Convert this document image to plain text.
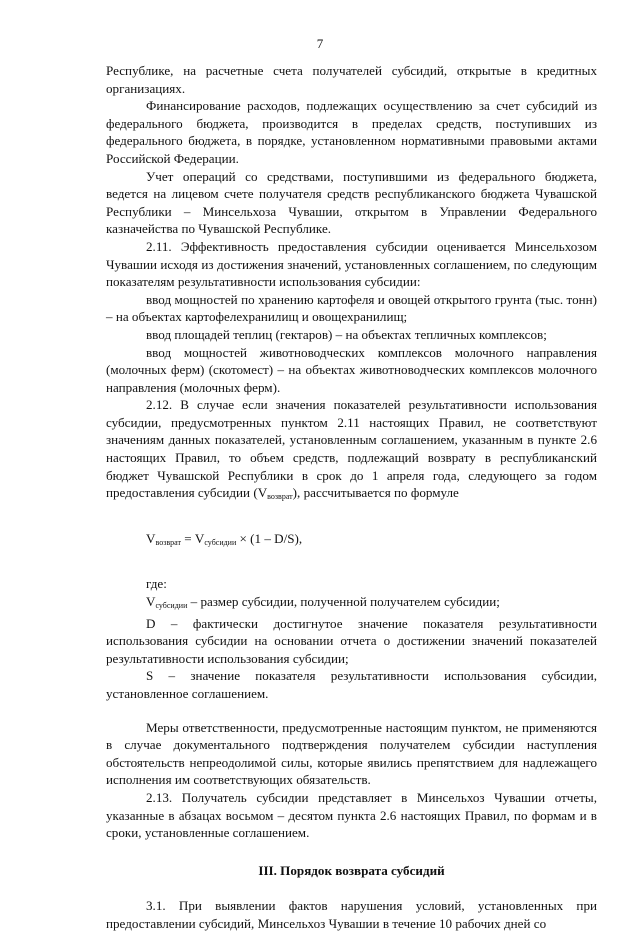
7

Республике, на расчетные счета получателей субсидий, открытые в кредитных организациях.

Финансирование расходов, подлежащих осуществлению за счет субсидий из федерального бюджета, производится в пределах средств, поступивших из федерального бюджета, в порядке, установленном нормативными правовыми актами Российской Федерации.

Учет операций со средствами, поступившими из федерального бюджета, ведется на лицевом счете получателя средств республиканского бюджета Чувашской Республики – Минсельхоза Чувашии, открытом в Управлении Федерального казначейства по Чувашской Республике.

2.11. Эффективность предоставления субсидии оценивается Минсельхозом Чувашии исходя из достижения значений, установленных соглашением, по следующим показателям результативности использования субсидии:

ввод мощностей по хранению картофеля и овощей открытого грунта (тыс. тонн) – на объектах картофелехранилищ и овощехранилищ;

ввод площадей теплиц (гектаров) – на объектах тепличных комплексов;

ввод мощностей животноводческих комплексов молочного направления (молочных ферм) (скотомест) – на объектах животноводческих комплексов молочного направления (молочных ферм).

2.12. В случае если значения показателей результативности использования субсидии, предусмотренных пунктом 2.11 настоящих Правил, не соответствуют значениям данных показателей, установленным соглашением, указанным в пункте 2.6 настоящих Правил, то объем средств, подлежащий возврату в республиканский бюджет Чувашской Республики в срок до 1 апреля года, следующего за годом предоставления субсидии $(V_{возврат})$, рассчитывается по формуле

$V_{возврат} = V_{субсидии} \times (1 - D/S)$,

где:

$V_{субсидии}$ – размер субсидии, полученной получателем субсидии;

D – фактически достигнутое значение показателя результативности использования субсидии на основании отчета о достижении значений показателей результативности использования субсидии;

S – значение показателя результативности использования субсидии, установленное соглашением.

Меры ответственности, предусмотренные настоящим пунктом, не применяются в случае документального подтверждения получателем субсидии наступления обстоятельств непреодолимой силы, которые явились препятствием для надлежащего исполнения им соответствующих обязательств.

2.13. Получатель субсидии представляет в Минсельхоз Чувашии отчеты, указанные в абзацах восьмом – десятом пункта 2.6 настоящих Правил, по формам и в сроки, установленные соглашением.

III. Порядок возврата субсидий

3.1. При выявлении фактов нарушения условий, установленных при предоставлении субсидий, Минсельхоз Чувашии в течение 10 рабочих дней со
